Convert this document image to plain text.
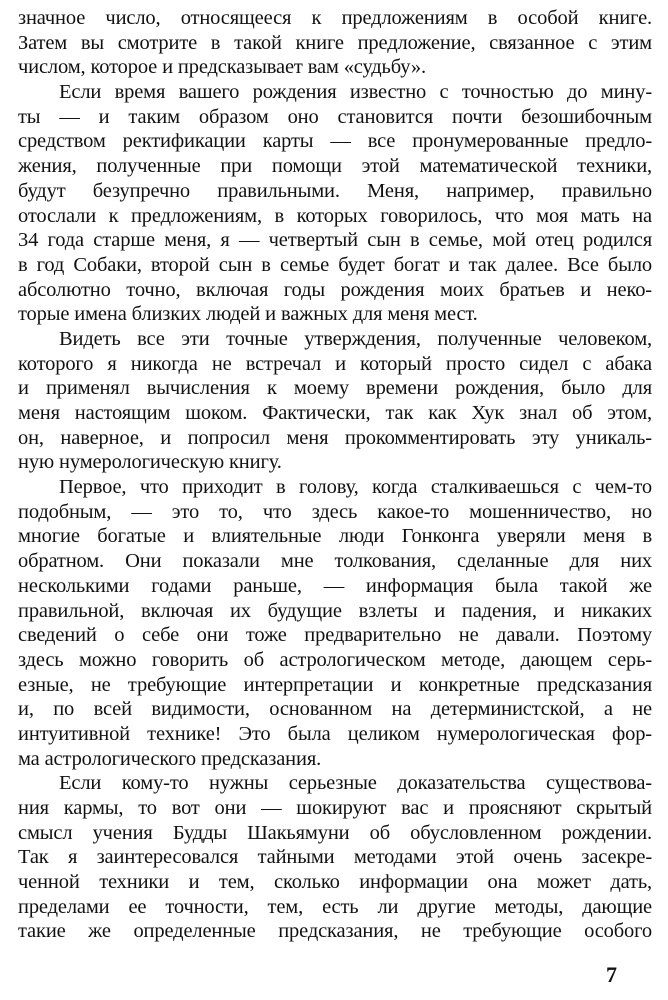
значное число, относящееся к предложениям в особой книге.
Затем вы смотрите в такой книге предложение, связанное с этим
числом, которое и предсказывает вам «судьбу».
Если время вашего рождения известно с точностью до мину-
ты — и таким образом оно становится почти безошибочным
средством ректификации карты — все пронумерованные предло-
жения, полученные при помощи этой математической техники,
будут безупречно правильными. Меня, например, правильно
отослали к предложениям, в которых говорилось, что моя мать на
34 года старше меня, я — четвертый сын в семье, мой отец родился
в год Собаки, второй сын в семье будет богат и так далее. Все было
абсолютно точно, включая годы рождения моих братьев и неко-
торые имена близких людей и важных для меня мест.
Видеть все эти точные утверждения, полученные человеком,
которого я никогда не встречал и который просто сидел с абака
и применял вычисления к моему времени рождения, было для
меня настоящим шоком. Фактически, так как Хук знал об этом,
он, наверное, и попросил меня прокомментировать эту уникаль-
ную нумерологическую книгу.
Первое, что приходит в голову, когда сталкиваешься с чем-то
подобным, — это то, что здесь какое-то мошенничество, но
многие богатые и влиятельные люди Гонконга уверяли меня в
обратном. Они показали мне толкования, сделанные для них
несколькими годами раньше, — информация была такой же
правильной, включая их будущие взлеты и падения, и никаких
сведений о себе они тоже предварительно не давали. Поэтому
здесь можно говорить об астрологическом методе, дающем серь-
езные, не требующие интерпретации и конкретные предсказания
и, по всей видимости, основанном на детерминистской, а не
интуитивной технике! Это была целиком нумерологическая фор-
ма астрологического предсказания.
Если кому-то нужны серьезные доказательства существова-
ния кармы, то вот они — шокируют вас и проясняют скрытый
смысл учения Будды Шакьямуни об обусловленном рождении.
Так я заинтересовался тайными методами этой очень засекре-
ченной техники и тем, сколько информации она может дать,
пределами ее точности, тем, есть ли другие методы, дающие
такие же определенные предсказания, не требующие особого
7
